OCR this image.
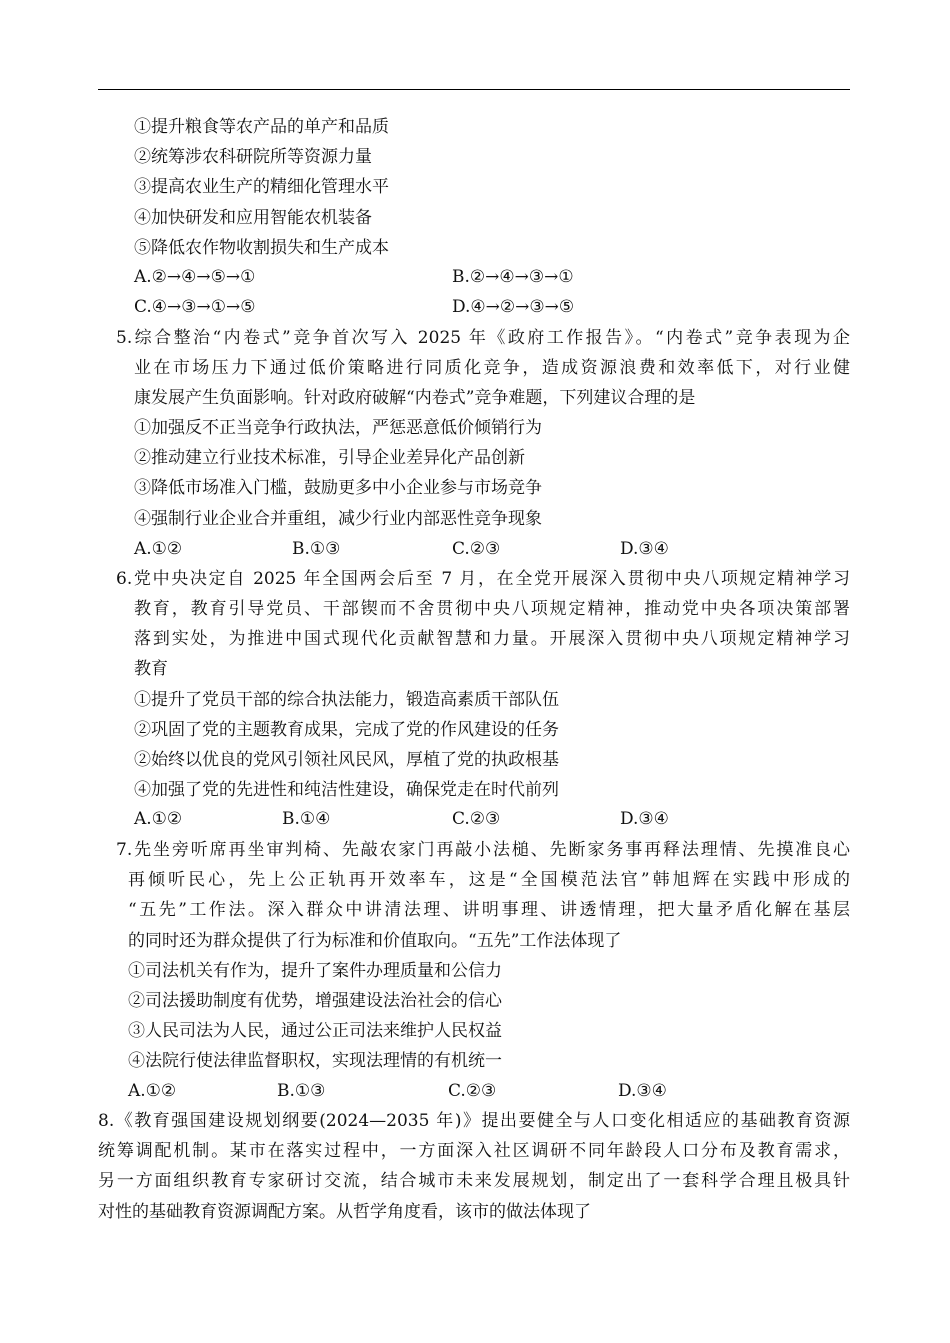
①提升粮食等农产品的单产和品质
②统筹涉农科研院所等资源力量
③提高农业生产的精细化管理水平
④加快研发和应用智能农机装备
⑤降低农作物收割损失和生产成本
A.②→④→⑤→①	B.②→④→③→①
C.④→③→①→⑤	D.④→②→③→⑤
5.综合整治“内卷式”竞争首次写入 2025 年《政府工作报告》。“内卷式”竞争表现为企
业在市场压力下通过低价策略进行同质化竞争，造成资源浪费和效率低下，对行业健
康发展产生负面影响。针对政府破解“内卷式”竞争难题，下列建议合理的是
①加强反不正当竞争行政执法，严惩恶意低价倾销行为
②推动建立行业技术标准，引导企业差异化产品创新
③降低市场准入门槛，鼓励更多中小企业参与市场竞争
④强制行业企业合并重组，减少行业内部恶性竞争现象
A.①②	B.①③	C.②③	D.③④
6.党中央决定自 2025 年全国两会后至 7 月，在全党开展深入贯彻中央八项规定精神学习
教育，教育引导党员、干部锲而不舍贯彻中央八项规定精神，推动党中央各项决策部署
落到实处，为推进中国式现代化贡献智慧和力量。开展深入贯彻中央八项规定精神学习
教育
①提升了党员干部的综合执法能力，锻造高素质干部队伍
②巩固了党的主题教育成果，完成了党的作风建设的任务
②始终以优良的党风引领社风民风，厚植了党的执政根基
④加强了党的先进性和纯洁性建设，确保党走在时代前列
A.①②	B.①④	C.②③	D.③④
7.先坐旁听席再坐审判椅、先敲农家门再敲小法槌、先断家务事再释法理情、先摸准良心
再倾听民心，先上公正轨再开效率车，这是“全国模范法官”韩旭辉在实践中形成的
“五先”工作法。深入群众中讲清法理、讲明事理、讲透情理，把大量矛盾化解在基层
的同时还为群众提供了行为标准和价值取向。“五先”工作法体现了
①司法机关有作为，提升了案件办理质量和公信力
②司法援助制度有优势，增强建设法治社会的信心
③人民司法为人民，通过公正司法来维护人民权益
④法院行使法律监督职权，实现法理情的有机统一
A.①②	B.①③	C.②③	D.③④
8.《教育强国建设规划纲要(2024—2035 年)》提出要健全与人口变化相适应的基础教育资源
统筹调配机制。某市在落实过程中，一方面深入社区调研不同年龄段人口分布及教育需求，
另一方面组织教育专家研讨交流，结合城市未来发展规划，制定出了一套科学合理且极具针
对性的基础教育资源调配方案。从哲学角度看，该市的做法体现了
